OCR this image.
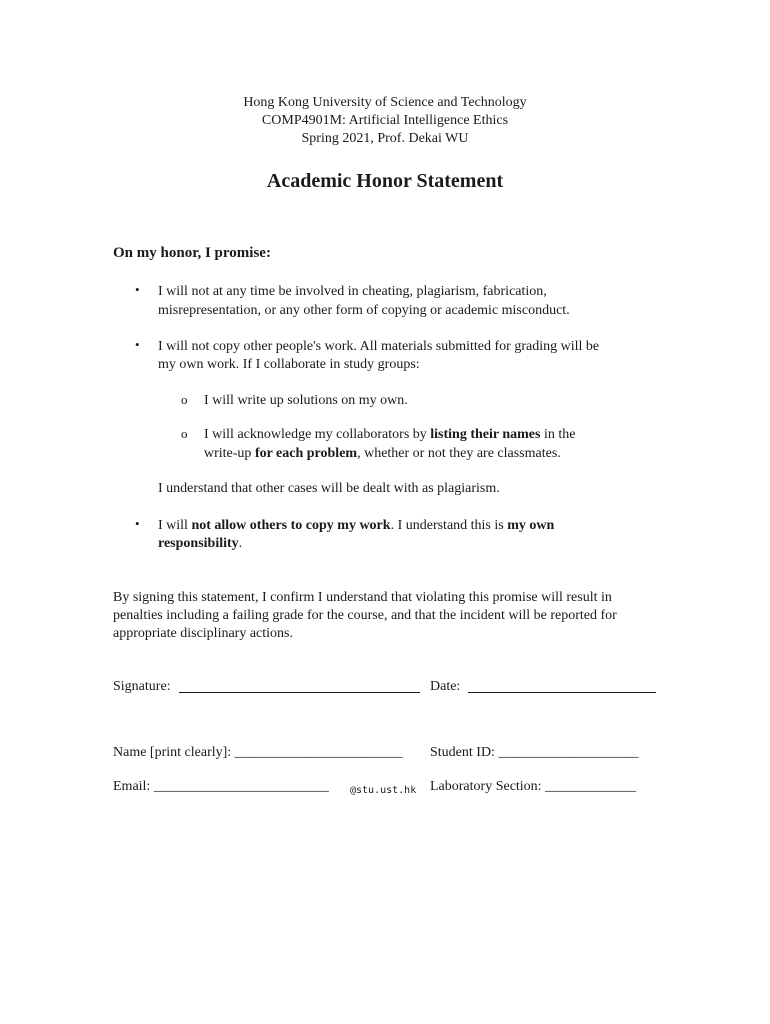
Hong Kong University of Science and Technology
COMP4901M: Artificial Intelligence Ethics
Spring 2021, Prof. Dekai WU
Academic Honor Statement
On my honor, I promise:
• I will not at any time be involved in cheating, plagiarism, fabrication,
misrepresentation, or any other form of copying or academic misconduct.
• I will not copy other people's work. All materials submitted for grading will be
my own work. If I collaborate in study groups:
o I will write up solutions on my own.
o I will acknowledge my collaborators by listing their names in the
write-up for each problem, whether or not they are classmates.
I understand that other cases will be dealt with as plagiarism.
• I will not allow others to copy my work. I understand this is my own
responsibility.
By signing this statement, I confirm I understand that violating this promise will result in
penalties including a failing grade for the course, and that the incident will be reported for
appropriate disciplinary actions.
Signature:	Date:
Name [print clearly]: ________________________ Student ID: ____________________
Email: _________________________ @stu.ust.hk Laboratory Section: _____________
